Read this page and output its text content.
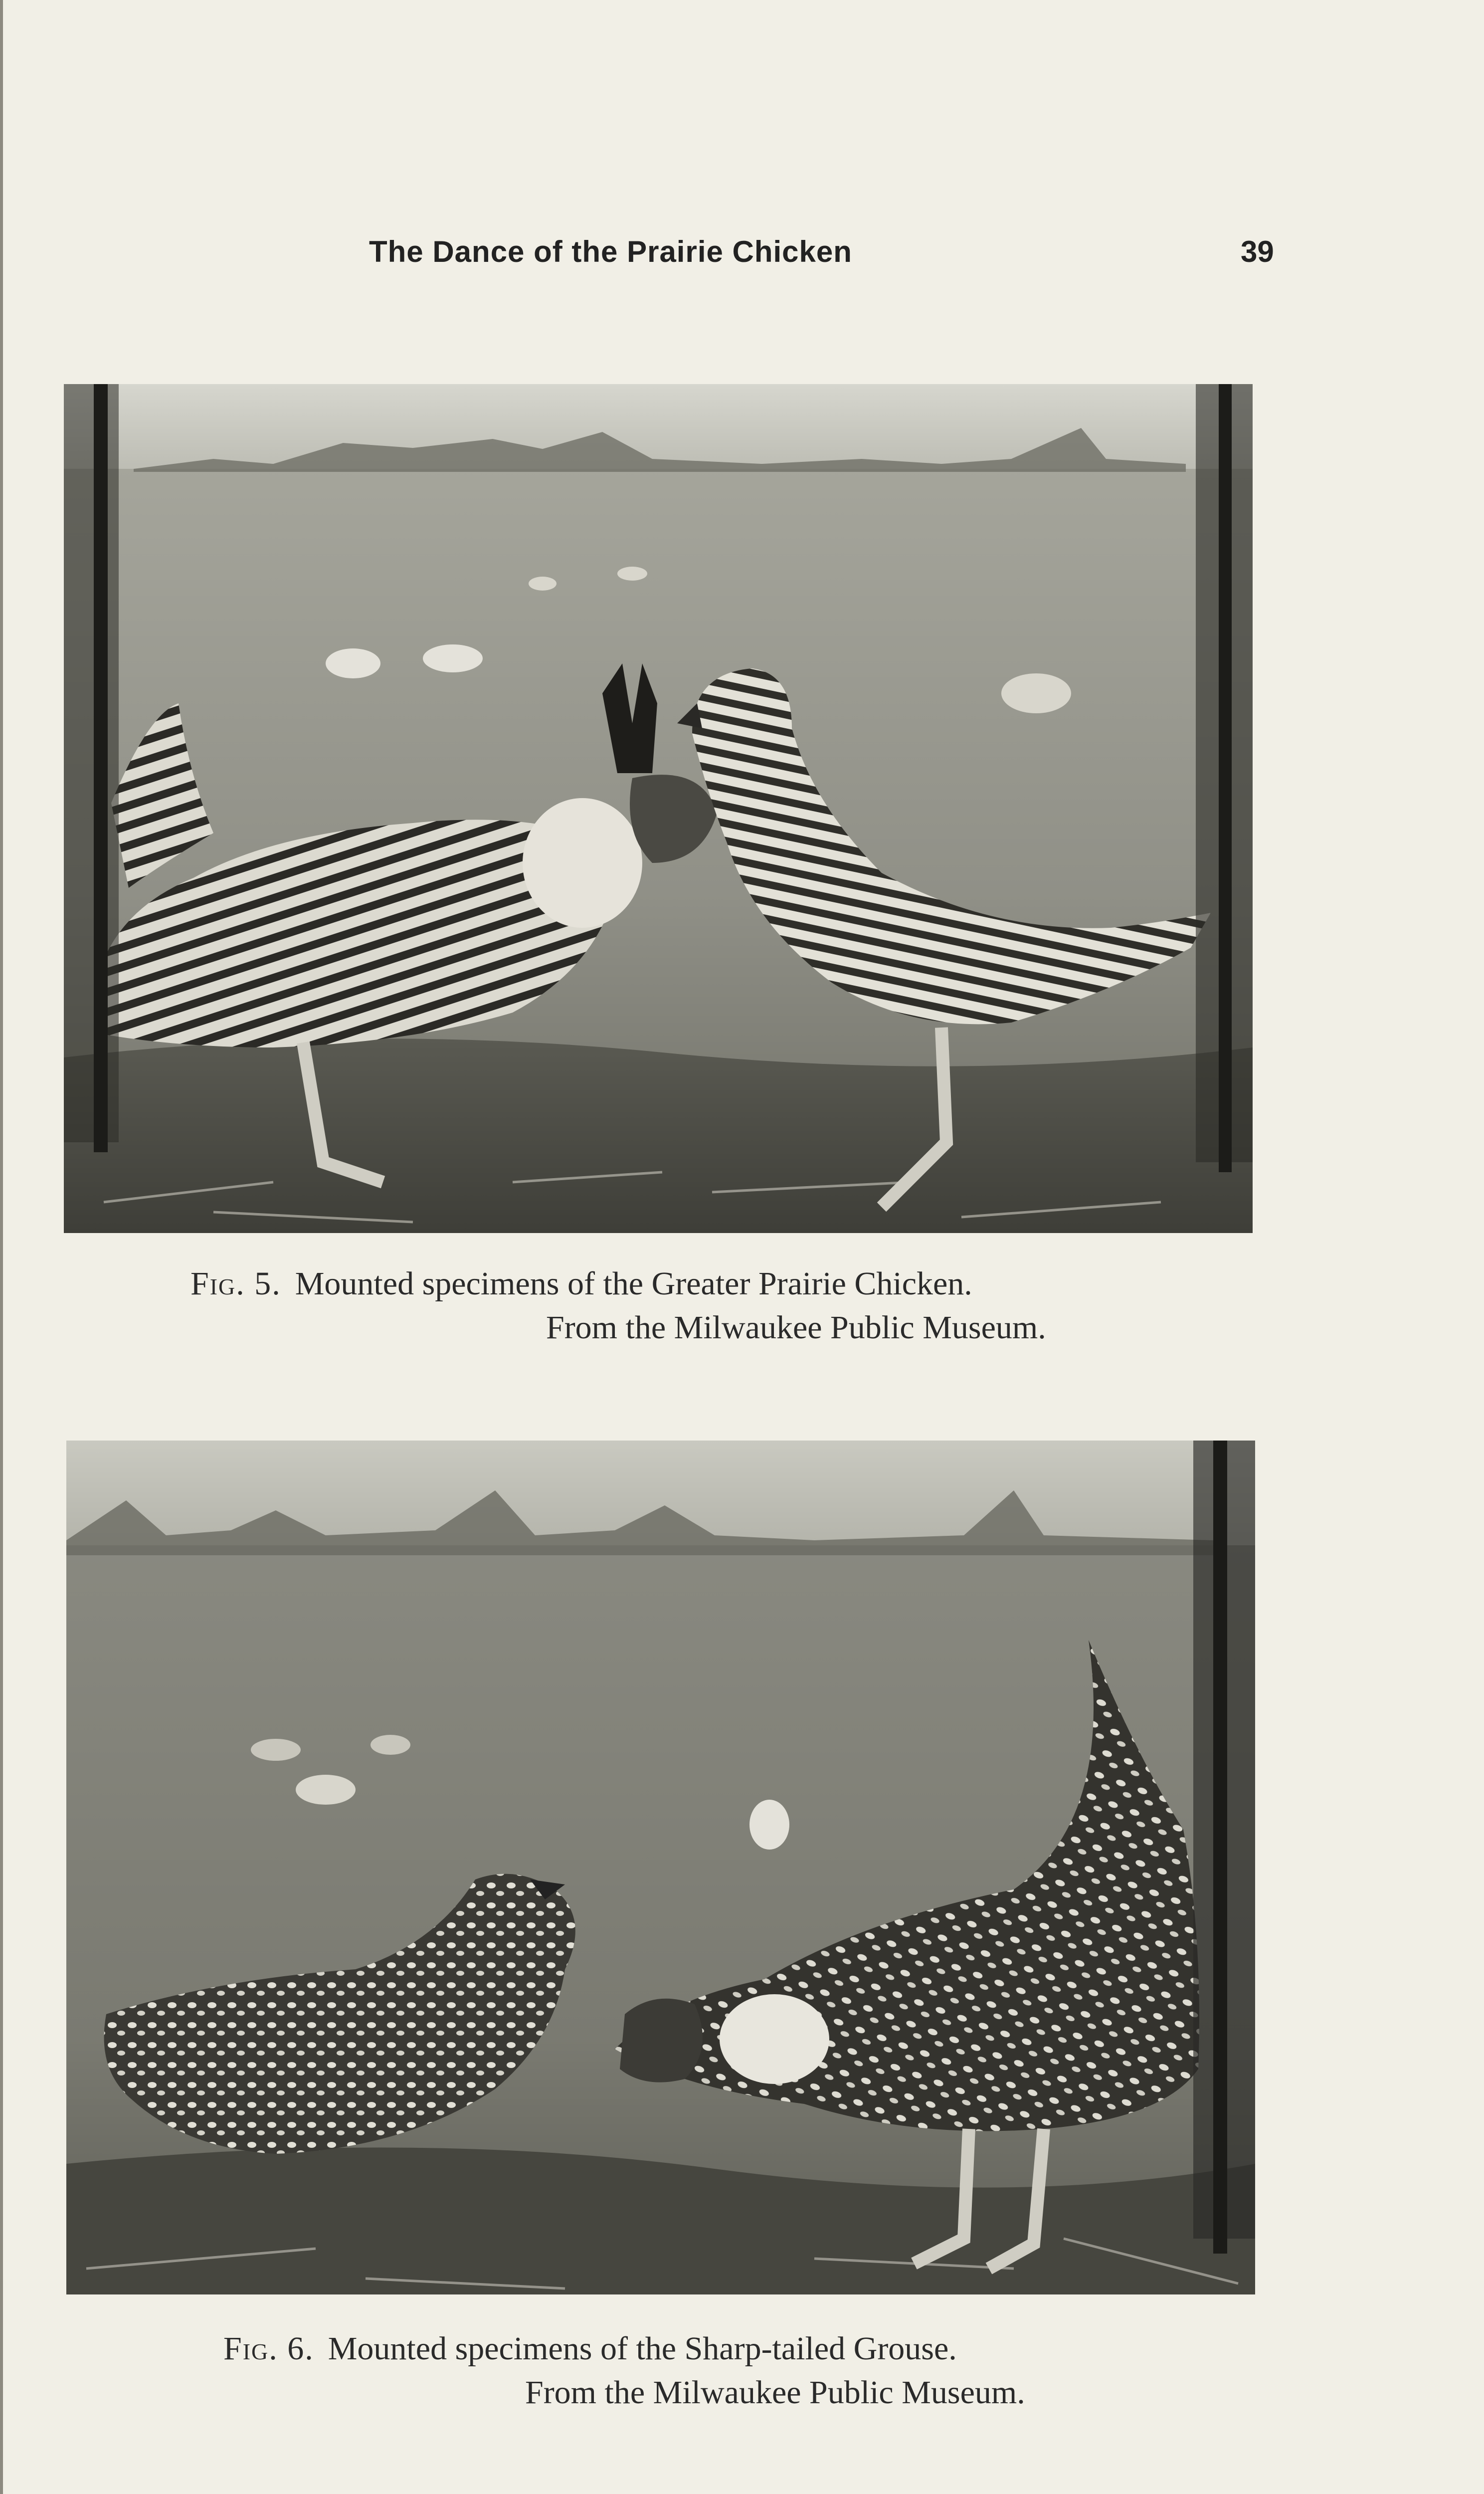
The Dance of the Prairie Chicken	39
Fig. 5. Mounted specimens of the Greater Prairie Chicken.
From the Milwaukee Public Museum.
Fig. 6. Mounted specimens of the Sharp-tailed Grouse.
From the Milwaukee Public Museum.
